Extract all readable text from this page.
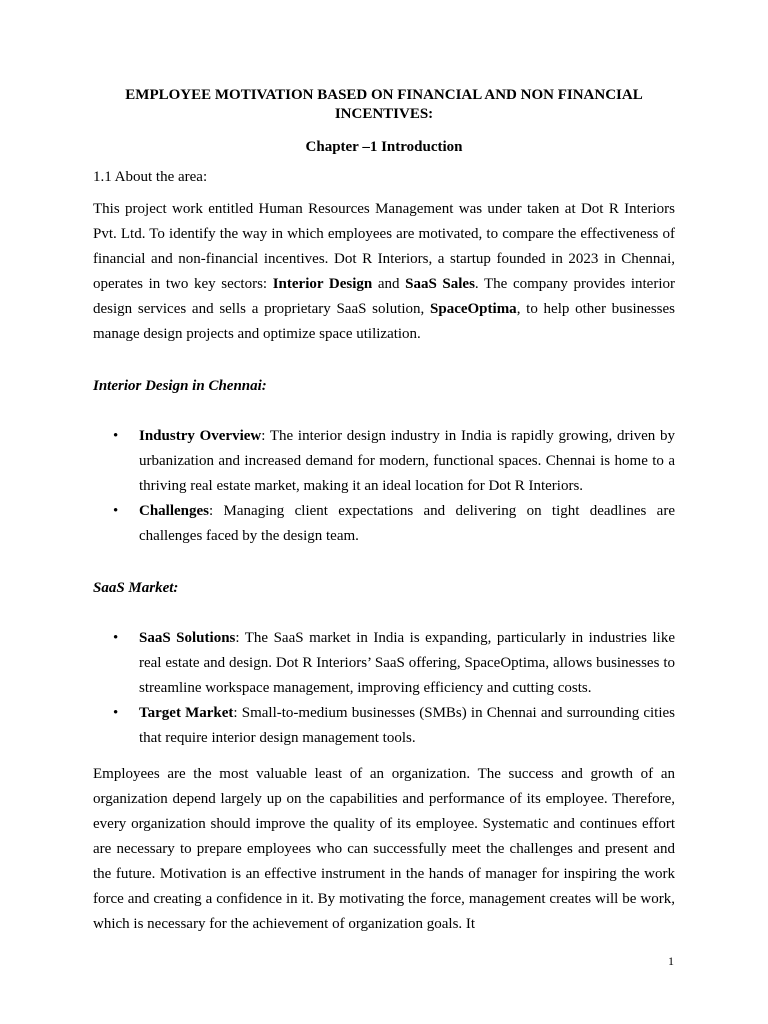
EMPLOYEE MOTIVATION BASED ON FINANCIAL AND NON FINANCIAL INCENTIVES:
Chapter –1 Introduction
1.1 About the area:

This project work entitled Human Resources Management was under taken at Dot R Interiors Pvt. Ltd. To identify the way in which employees are motivated, to compare the effectiveness of financial and non-financial incentives. Dot R Interiors, a startup founded in 2023 in Chennai, operates in two key sectors: Interior Design and SaaS Sales. The company provides interior design services and sells a proprietary SaaS solution, SpaceOptima, to help other businesses manage design projects and optimize space utilization.

Interior Design in Chennai:
• Industry Overview: The interior design industry in India is rapidly growing, driven by urbanization and increased demand for modern, functional spaces. Chennai is home to a thriving real estate market, making it an ideal location for Dot R Interiors.
• Challenges: Managing client expectations and delivering on tight deadlines are challenges faced by the design team.
SaaS Market:
• SaaS Solutions: The SaaS market in India is expanding, particularly in industries like real estate and design. Dot R Interiors’ SaaS offering, SpaceOptima, allows businesses to streamline workspace management, improving efficiency and cutting costs.
• Target Market: Small-to-medium businesses (SMBs) in Chennai and surrounding cities that require interior design management tools.

Employees are the most valuable least of an organization. The success and growth of an organization depend largely up on the capabilities and performance of its employee. Therefore, every organization should improve the quality of its employee. Systematic and continues effort are necessary to prepare employees who can successfully meet the challenges and present and the future. Motivation is an effective instrument in the hands of manager for inspiring the work force and creating a confidence in it. By motivating the force, management creates will be work, which is necessary for the achievement of organization goals. It

1
